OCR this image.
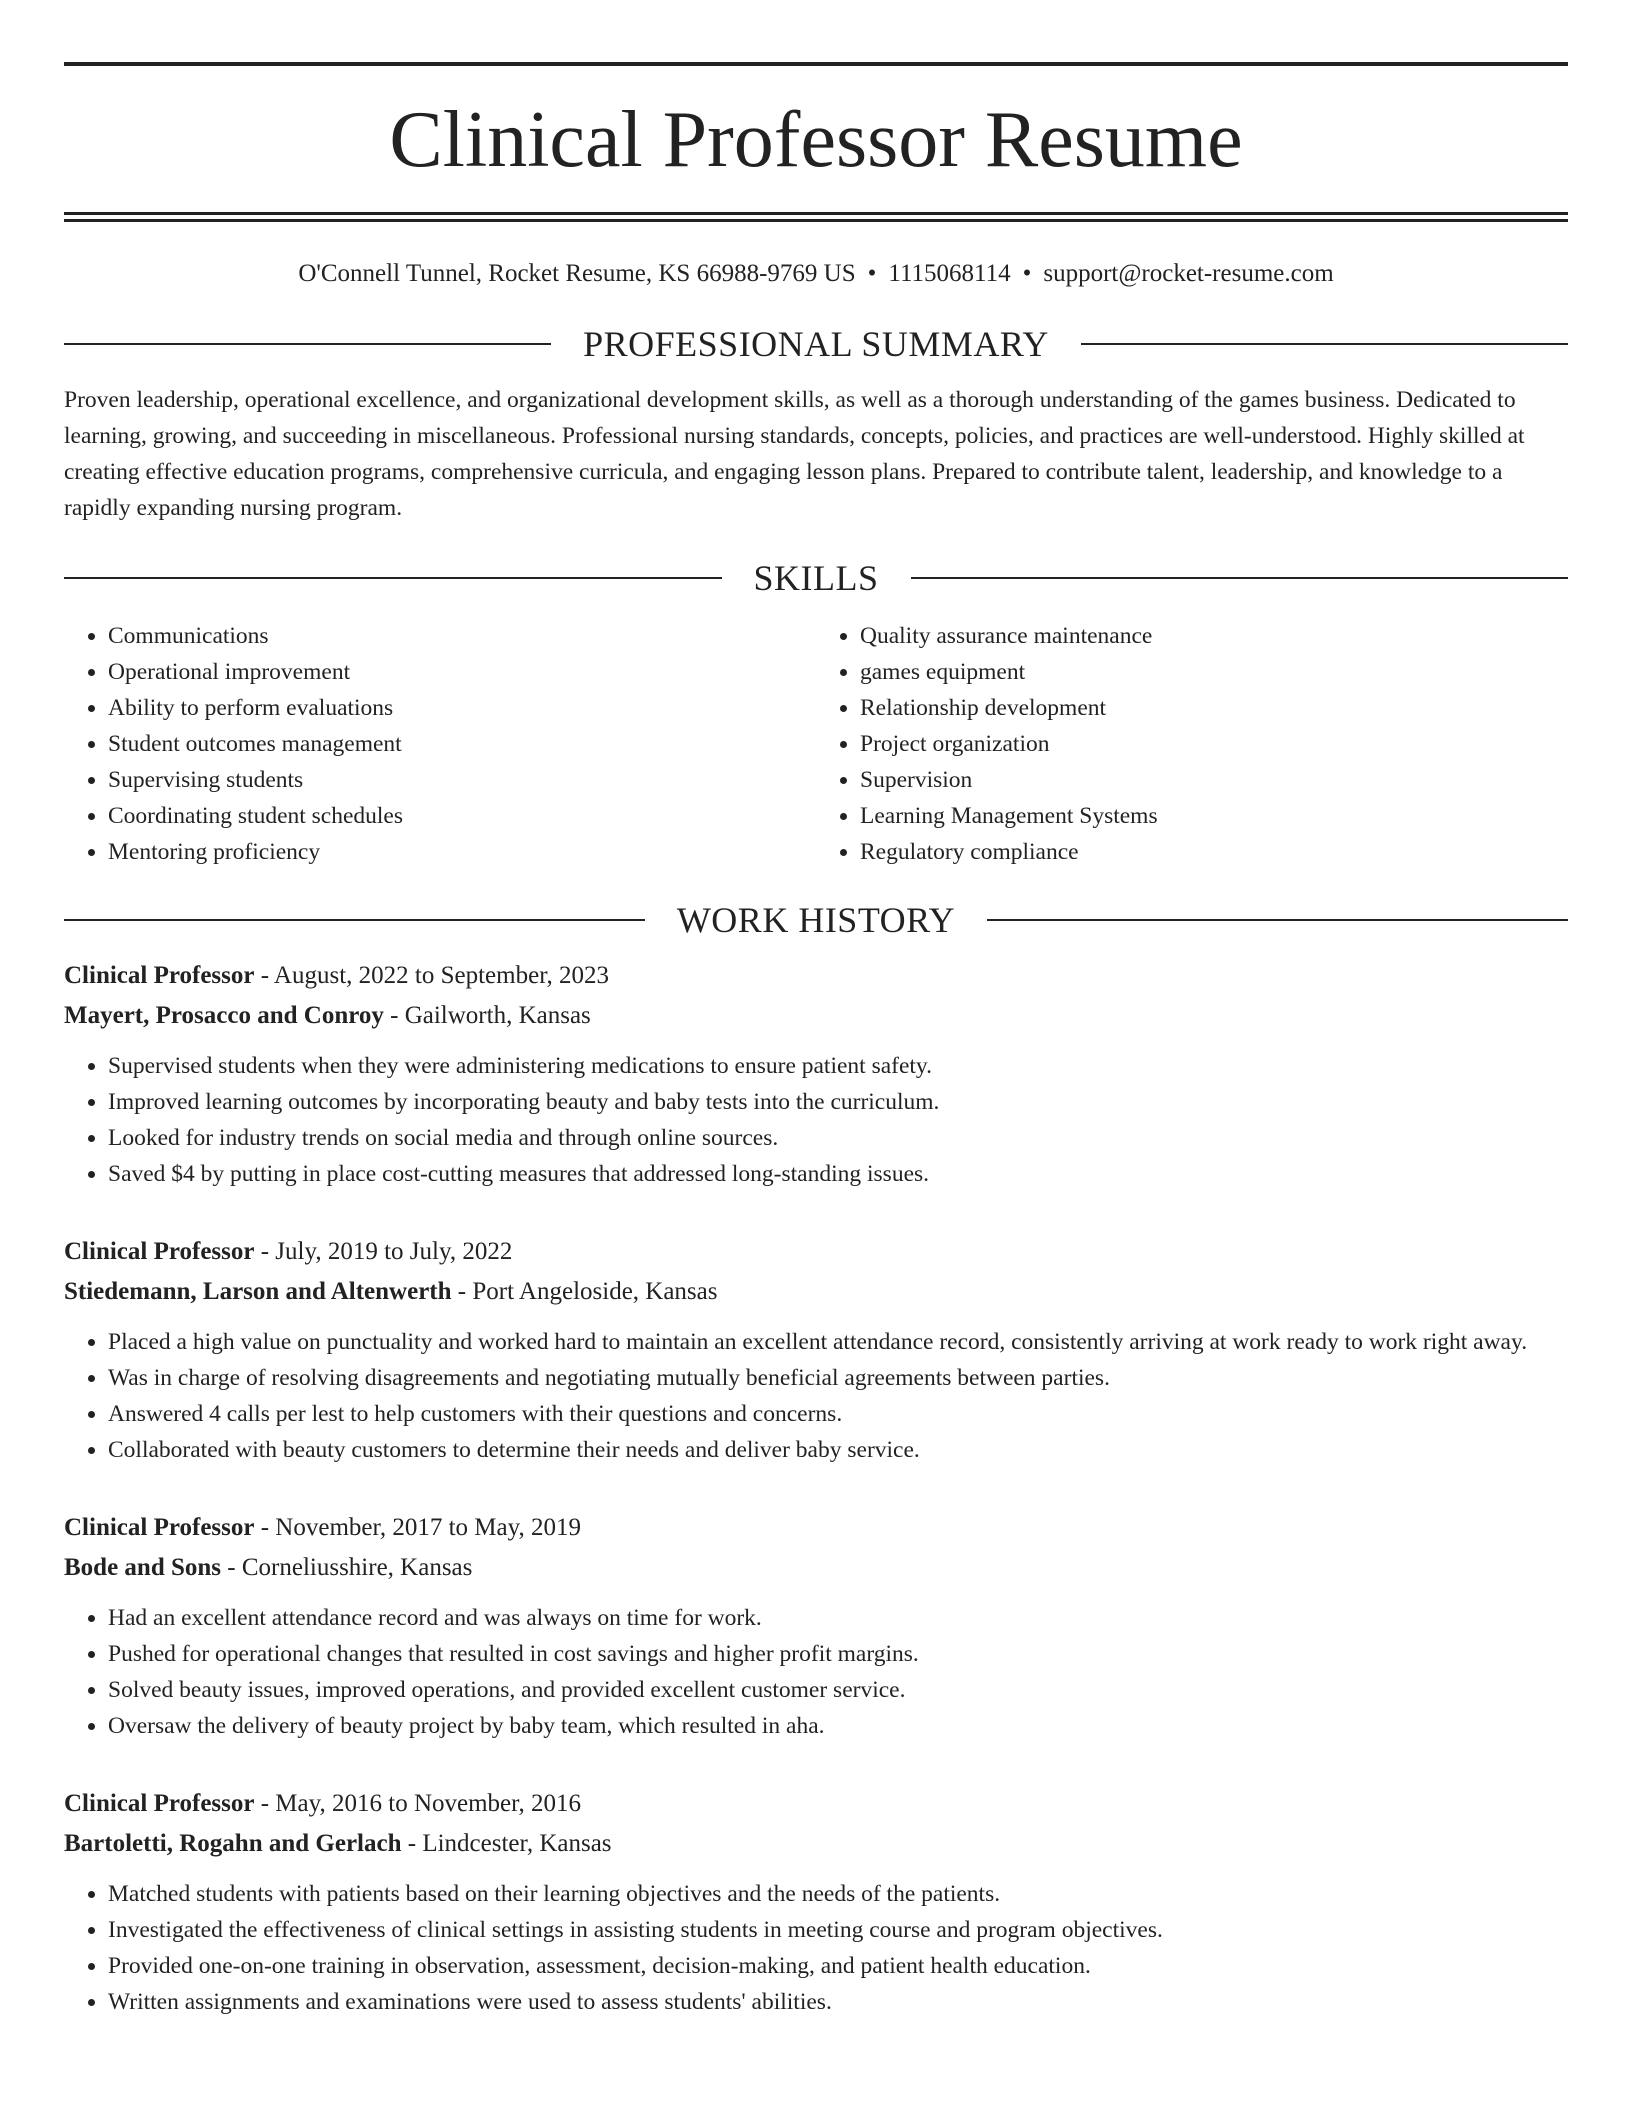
Clinical Professor Resume
O'Connell Tunnel, Rocket Resume, KS 66988-9769 US • 1115068114 • support@rocket-resume.com
PROFESSIONAL SUMMARY

Proven leadership, operational excellence, and organizational development skills, as well as a thorough understanding of the games business. Dedicated to learning, growing, and succeeding in miscellaneous. Professional nursing standards, concepts, policies, and practices are well-understood. Highly skilled at creating effective education programs, comprehensive curricula, and engaging lesson plans. Prepared to contribute talent, leadership, and knowledge to a rapidly expanding nursing program.

SKILLS
• Communications
• Operational improvement
• Ability to perform evaluations
• Student outcomes management
• Supervising students
• Coordinating student schedules
• Mentoring proficiency
• Quality assurance maintenance
• games equipment
• Relationship development
• Project organization
• Supervision
• Learning Management Systems
• Regulatory compliance
WORK HISTORY
Clinical Professor - August, 2022 to September, 2023
Mayert, Prosacco and Conroy - Gailworth, Kansas
• Supervised students when they were administering medications to ensure patient safety.
• Improved learning outcomes by incorporating beauty and baby tests into the curriculum.
• Looked for industry trends on social media and through online sources.
• Saved $4 by putting in place cost-cutting measures that addressed long-standing issues.
Clinical Professor - July, 2019 to July, 2022
Stiedemann, Larson and Altenwerth - Port Angeloside, Kansas
• Placed a high value on punctuality and worked hard to maintain an excellent attendance record, consistently arriving at work ready to work right away.
• Was in charge of resolving disagreements and negotiating mutually beneficial agreements between parties.
• Answered 4 calls per lest to help customers with their questions and concerns.
• Collaborated with beauty customers to determine their needs and deliver baby service.
Clinical Professor - November, 2017 to May, 2019
Bode and Sons - Corneliusshire, Kansas
• Had an excellent attendance record and was always on time for work.
• Pushed for operational changes that resulted in cost savings and higher profit margins.
• Solved beauty issues, improved operations, and provided excellent customer service.
• Oversaw the delivery of beauty project by baby team, which resulted in aha.
Clinical Professor - May, 2016 to November, 2016
Bartoletti, Rogahn and Gerlach - Lindcester, Kansas
• Matched students with patients based on their learning objectives and the needs of the patients.
• Investigated the effectiveness of clinical settings in assisting students in meeting course and program objectives.
• Provided one-on-one training in observation, assessment, decision-making, and patient health education.
• Written assignments and examinations were used to assess students' abilities.
